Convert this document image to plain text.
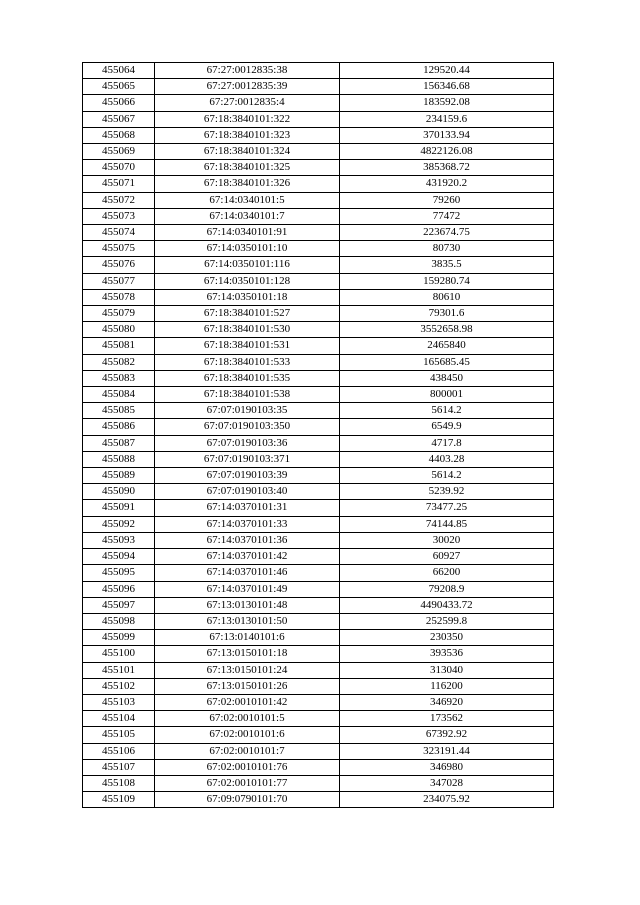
455064	67:27:0012835:38	129520.44
455065	67:27:0012835:39	156346.68
455066	67:27:0012835:4	183592.08
455067	67:18:3840101:322	234159.6
455068	67:18:3840101:323	370133.94
455069	67:18:3840101:324	4822126.08
455070	67:18:3840101:325	385368.72
455071	67:18:3840101:326	431920.2
455072	67:14:0340101:5	79260
455073	67:14:0340101:7	77472
455074	67:14:0340101:91	223674.75
455075	67:14:0350101:10	80730
455076	67:14:0350101:116	3835.5
455077	67:14:0350101:128	159280.74
455078	67:14:0350101:18	80610
455079	67:18:3840101:527	79301.6
455080	67:18:3840101:530	3552658.98
455081	67:18:3840101:531	2465840
455082	67:18:3840101:533	165685.45
455083	67:18:3840101:535	438450
455084	67:18:3840101:538	800001
455085	67:07:0190103:35	5614.2
455086	67:07:0190103:350	6549.9
455087	67:07:0190103:36	4717.8
455088	67:07:0190103:371	4403.28
455089	67:07:0190103:39	5614.2
455090	67:07:0190103:40	5239.92
455091	67:14:0370101:31	73477.25
455092	67:14:0370101:33	74144.85
455093	67:14:0370101:36	30020
455094	67:14:0370101:42	60927
455095	67:14:0370101:46	66200
455096	67:14:0370101:49	79208.9
455097	67:13:0130101:48	4490433.72
455098	67:13:0130101:50	252599.8
455099	67:13:0140101:6	230350
455100	67:13:0150101:18	393536
455101	67:13:0150101:24	313040
455102	67:13:0150101:26	116200
455103	67:02:0010101:42	346920
455104	67:02:0010101:5	173562
455105	67:02:0010101:6	67392.92
455106	67:02:0010101:7	323191.44
455107	67:02:0010101:76	346980
455108	67:02:0010101:77	347028
455109	67:09:0790101:70	234075.92
